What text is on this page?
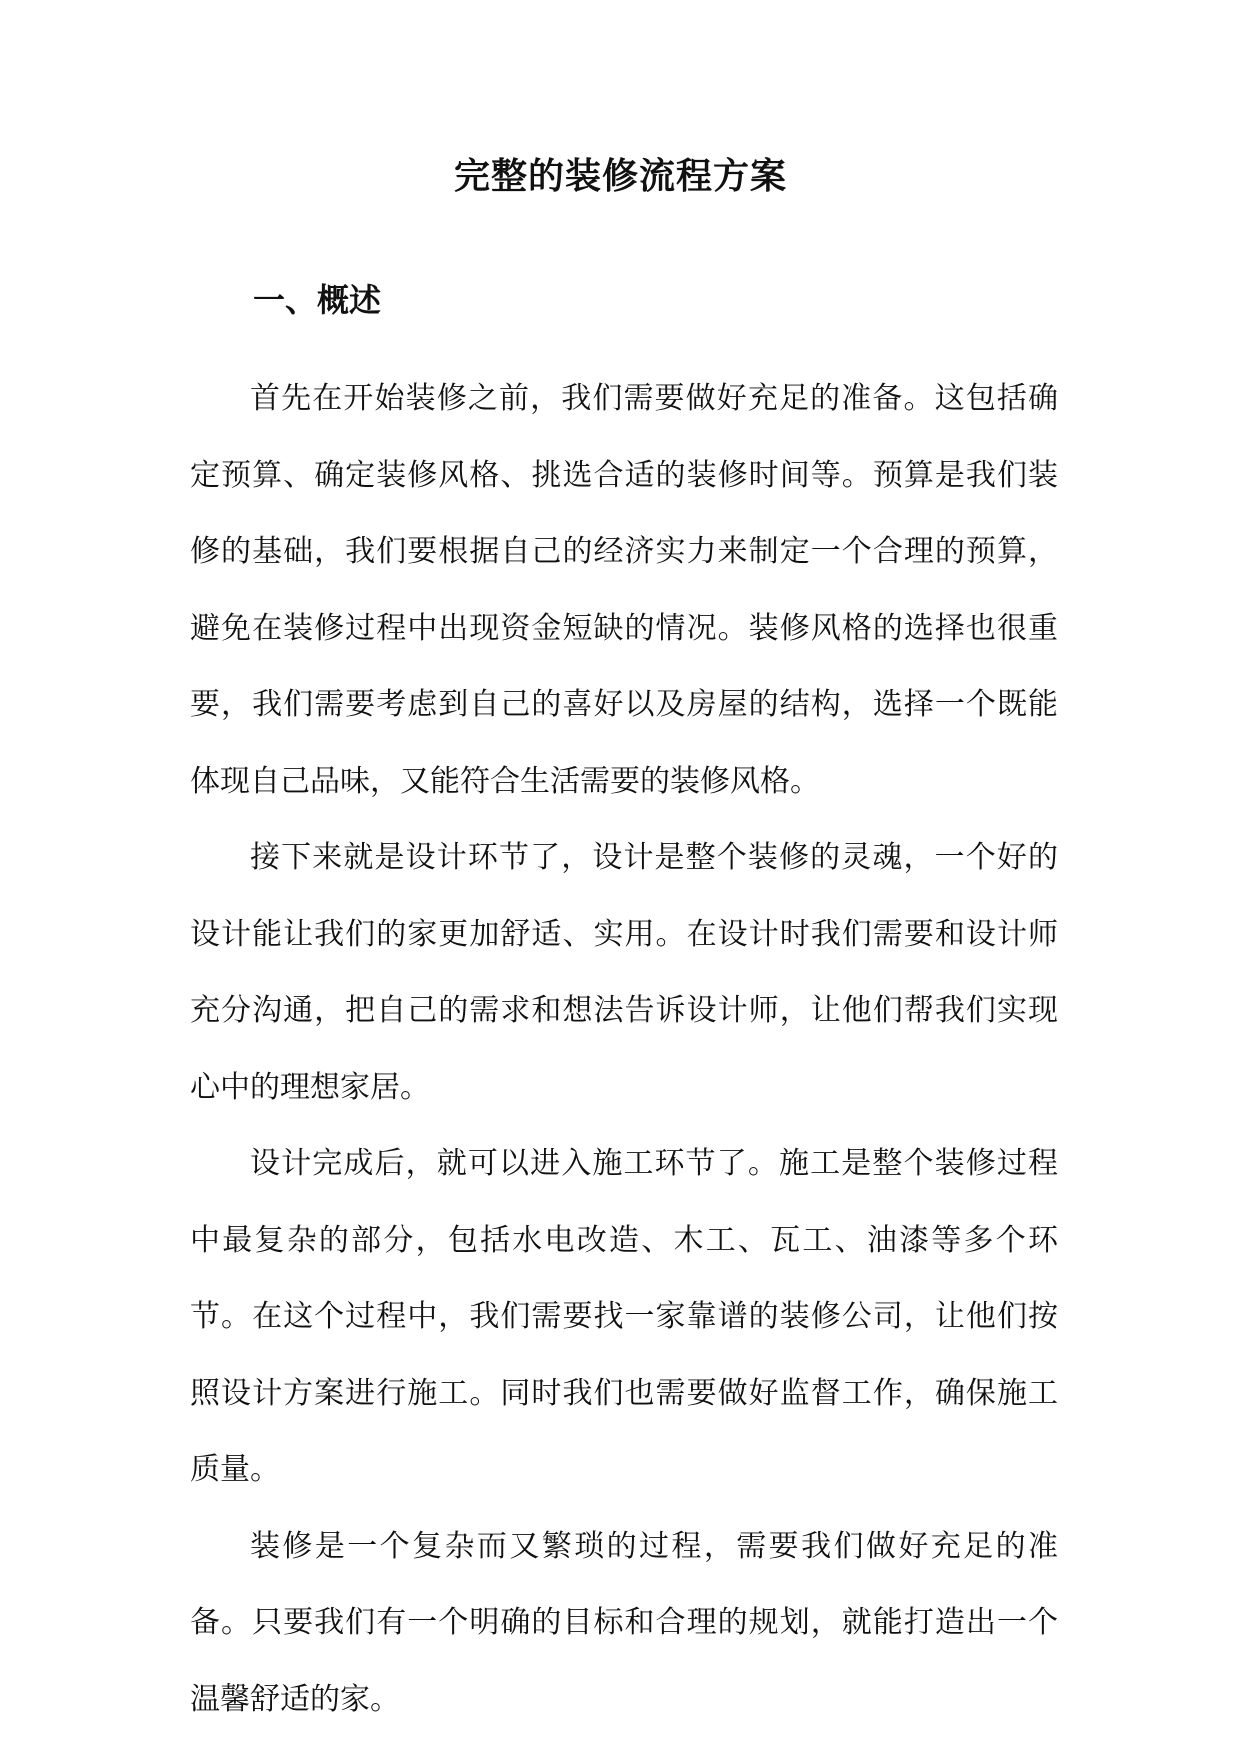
完整的装修流程方案
一、概述

首先在开始装修之前，我们需要做好充足的准备。这包括确定预算、确定装修风格、挑选合适的装修时间等。预算是我们装修的基础，我们要根据自己的经济实力来制定一个合理的预算，避免在装修过程中出现资金短缺的情况。装修风格的选择也很重要，我们需要考虑到自己的喜好以及房屋的结构，选择一个既能体现自己品味，又能符合生活需要的装修风格。

接下来就是设计环节了，设计是整个装修的灵魂，一个好的设计能让我们的家更加舒适、实用。在设计时我们需要和设计师充分沟通，把自己的需求和想法告诉设计师，让他们帮我们实现心中的理想家居。

设计完成后，就可以进入施工环节了。施工是整个装修过程中最复杂的部分，包括水电改造、木工、瓦工、油漆等多个环节。在这个过程中，我们需要找一家靠谱的装修公司，让他们按照设计方案进行施工。同时我们也需要做好监督工作，确保施工质量。

装修是一个复杂而又繁琐的过程，需要我们做好充足的准备。只要我们有一个明确的目标和合理的规划，就能打造出一个温馨舒适的家。
